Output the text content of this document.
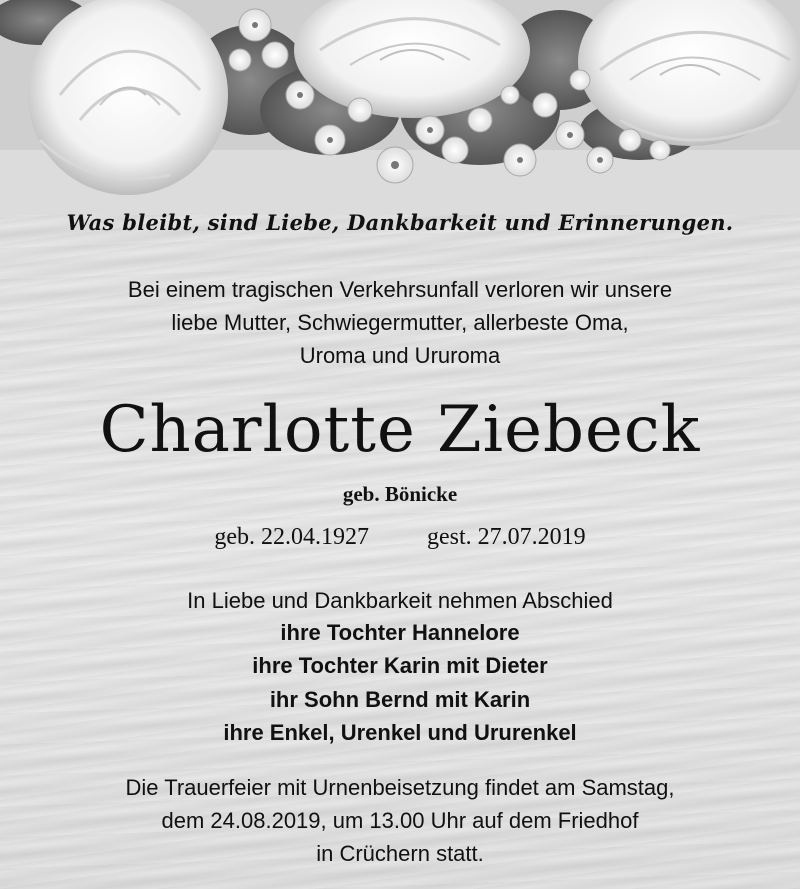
Was bleibt, sind Liebe, Dankbarkeit und Erinnerungen.
Bei einem tragischen Verkehrsunfall verloren wir unsere
liebe Mutter, Schwiegermutter, allerbeste Oma,
Uroma und Ururoma
Charlotte Ziebeck
geb. Bönicke
geb. 22.04.1927 gest. 27.07.2019
In Liebe und Dankbarkeit nehmen Abschied
ihre Tochter Hannelore
ihre Tochter Karin mit Dieter
ihr Sohn Bernd mit Karin
ihre Enkel, Urenkel und Ururenkel
Die Trauerfeier mit Urnenbeisetzung findet am Samstag,
dem 24.08.2019, um 13.00 Uhr auf dem Friedhof
in Crüchern statt.
